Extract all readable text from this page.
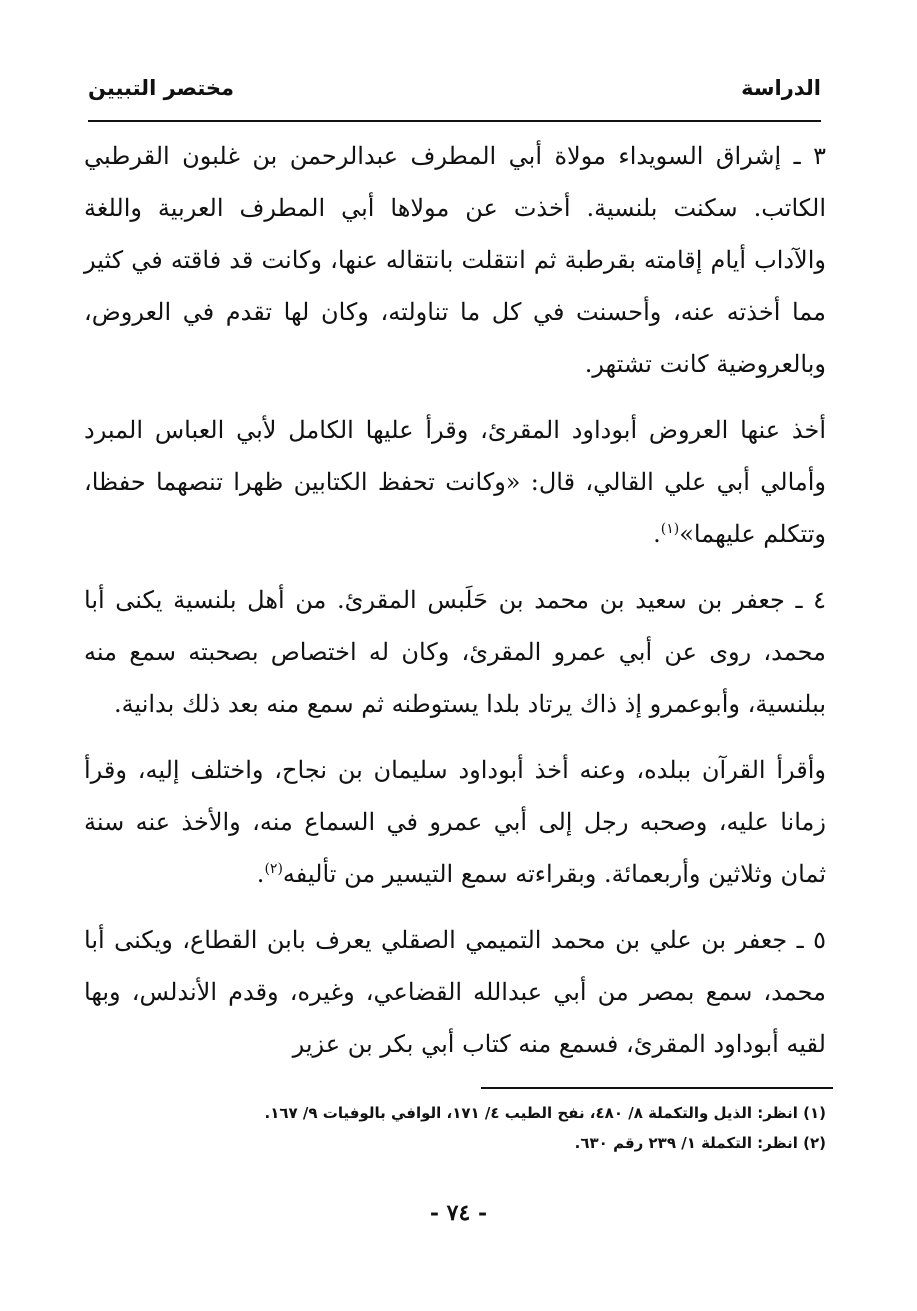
الدراسة
مختصر التبيين

٣ ـ إشراق السويداء مولاة أبي المطرف عبدالرحمن بن غلبون القرطبي الكاتب. سكنت بلنسية. أخذت عن مولاها أبي المطرف العربية واللغة والآداب أيام إقامته بقرطبة ثم انتقلت بانتقاله عنها، وكانت قد فاقته في كثير مما أخذته عنه، وأحسنت في كل ما تناولته، وكان لها تقدم في العروض، وبالعروضية كانت تشتهر.

أخذ عنها العروض أبوداود المقرئ، وقرأ عليها الكامل لأبي العباس المبرد وأمالي أبي علي القالي، قال: «وكانت تحفظ الكتابين ظهرا تنصهما حفظا، وتتكلم عليهما»$^{(١)}$.

٤ ـ جعفر بن سعيد بن محمد بن حَلَبس المقرئ. من أهل بلنسية يكنى أبا محمد، روى عن أبي عمرو المقرئ، وكان له اختصاص بصحبته سمع منه ببلنسية، وأبوعمرو إذ ذاك يرتاد بلدا يستوطنه ثم سمع منه بعد ذلك بدانية.

وأقرأ القرآن ببلده، وعنه أخذ أبوداود سليمان بن نجاح، واختلف إليه، وقرأ زمانا عليه، وصحبه رجل إلى أبي عمرو في السماع منه، والأخذ عنه سنة ثمان وثلاثين وأربعمائة. وبقراءته سمع التيسير من تأليفه$^{(٢)}$.

٥ ـ جعفر بن علي بن محمد التميمي الصقلي يعرف بابن القطاع، ويكنى أبا محمد، سمع بمصر من أبي عبدالله القضاعي، وغيره، وقدم الأندلس، وبها لقيه أبوداود المقرئ، فسمع منه كتاب أبي بكر بن عزير

(١) انظر: الذيل والتكملة ٨/ ٤٨٠، نفح الطيب ٤/ ١٧١، الوافي بالوفيات ٩/ ١٦٧.

(٢) انظر: التكملة ١/ ٢٣٩ رقم ٦٣٠.

- ٧٤ -
